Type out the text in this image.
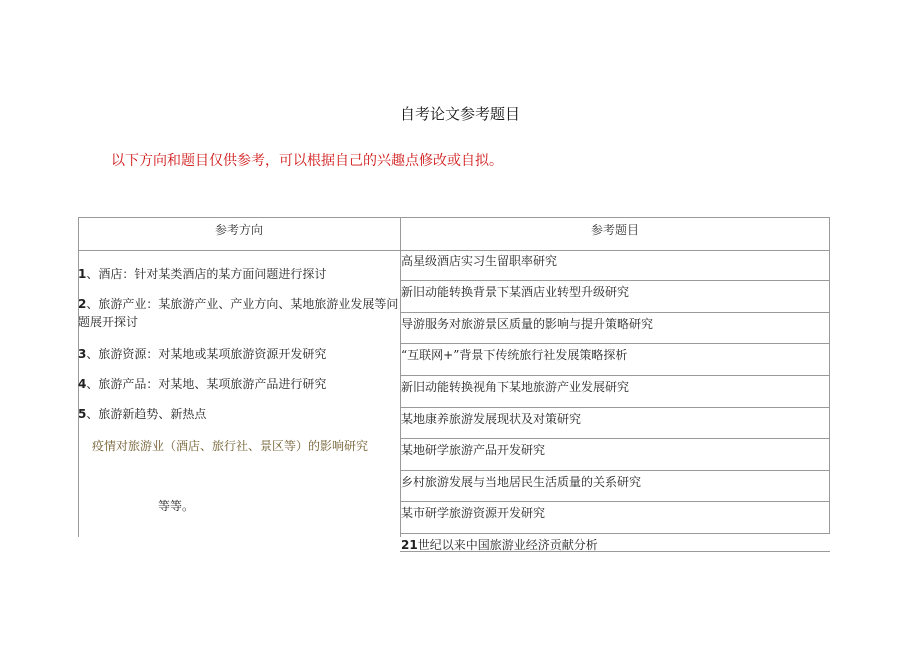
自考论文参考题目
以下方向和题目仅供参考，可以根据自己的兴趣点修改或自拟。
参考方向	参考题目
1、酒店：针对某类酒店的某方面问题进行探讨
2、旅游产业：某旅游产业、产业方向、某地旅游业发展等问题展开探讨
3、旅游资源：对某地或某项旅游资源开发研究
4、旅游产品：对某地、某项旅游产品进行研究
5、旅游新趋势、新热点
疫情对旅游业（酒店、旅行社、景区等）的影响研究
等等。
高星级酒店实习生留职率研究
新旧动能转换背景下某酒店业转型升级研究
导游服务对旅游景区质量的影响与提升策略研究
“互联网+”背景下传统旅行社发展策略探析
新旧动能转换视角下某地旅游产业发展研究
某地康养旅游发展现状及对策研究
某地研学旅游产品开发研究
乡村旅游发展与当地居民生活质量的关系研究
某市研学旅游资源开发研究
21世纪以来中国旅游业经济贡献分析
